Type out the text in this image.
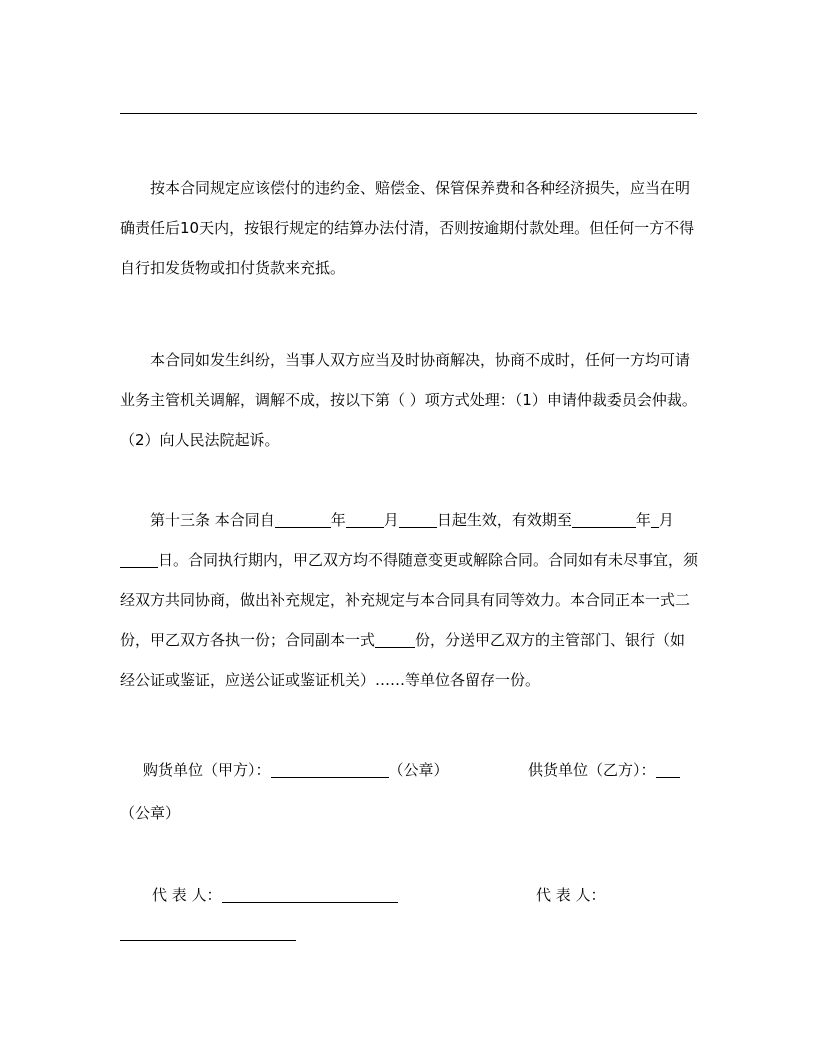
按本合同规定应该偿付的违约金、赔偿金、保管保养费和各种经济损失，应当在明确责任后10天内，按银行规定的结算办法付清，否则按逾期付款处理。但任何一方不得自行扣发货物或扣付货款来充抵。

本合同如发生纠纷，当事人双方应当及时协商解决，协商不成时，任何一方均可请业务主管机关调解，调解不成，按以下第（ ）项方式处理：（1）申请仲裁委员会仲裁。（2）向人民法院起诉。

第十三条 本合同自	年	月	日起生效，有效期至	年 月日。合同执行期内，甲乙双方均不得随意变更或解除合同。合同如有未尽事宜，须经双方共同协商，做出补充规定，补充规定与本合同具有同等效力。本合同正本一式二份，甲乙双方各执一份；合同副本一式	份，分送甲乙双方的主管部门、银行（如经公证或鉴证，应送公证或鉴证机关）……等单位各留存一份。

购货单位（甲方）：	（公章）	供货单位（乙方）：
（公章）
代 表 人：	代 表 人：
